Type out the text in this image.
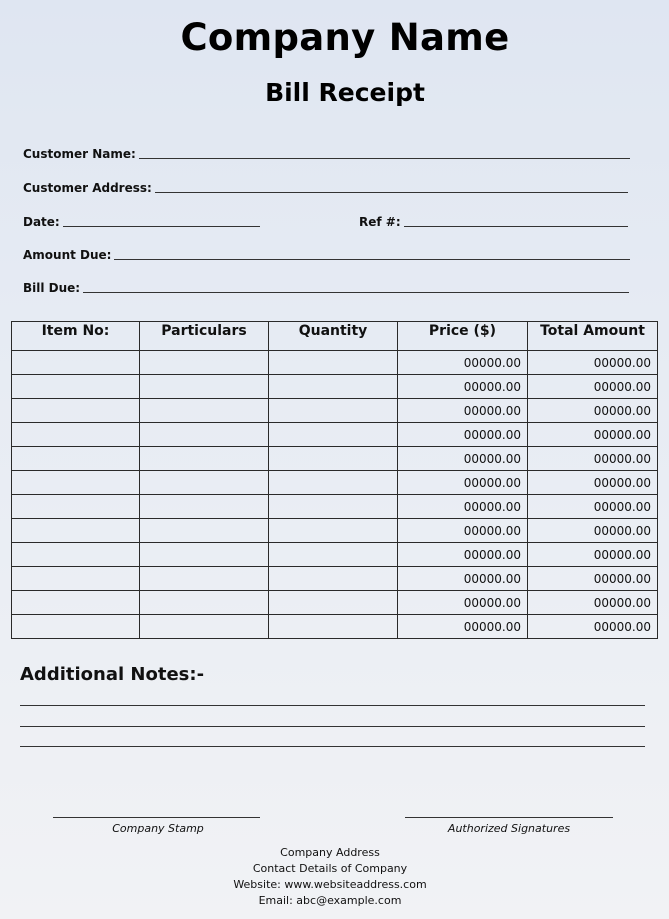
Company Name
Bill Receipt
Customer Name:
Customer Address:
Date:	Ref #:
Amount Due:
Bill Due:
Item No:	Particulars	Quantity	Price ($)	Total Amount
			00000.00	00000.00
			00000.00	00000.00
			00000.00	00000.00
			00000.00	00000.00
			00000.00	00000.00
			00000.00	00000.00
			00000.00	00000.00
			00000.00	00000.00
			00000.00	00000.00
			00000.00	00000.00
			00000.00	00000.00
			00000.00	00000.00
Additional Notes:-
Company Stamp	Authorized Signatures
Company Address
Contact Details of Company
Website: www.websiteaddress.com
Email: abc@example.com
